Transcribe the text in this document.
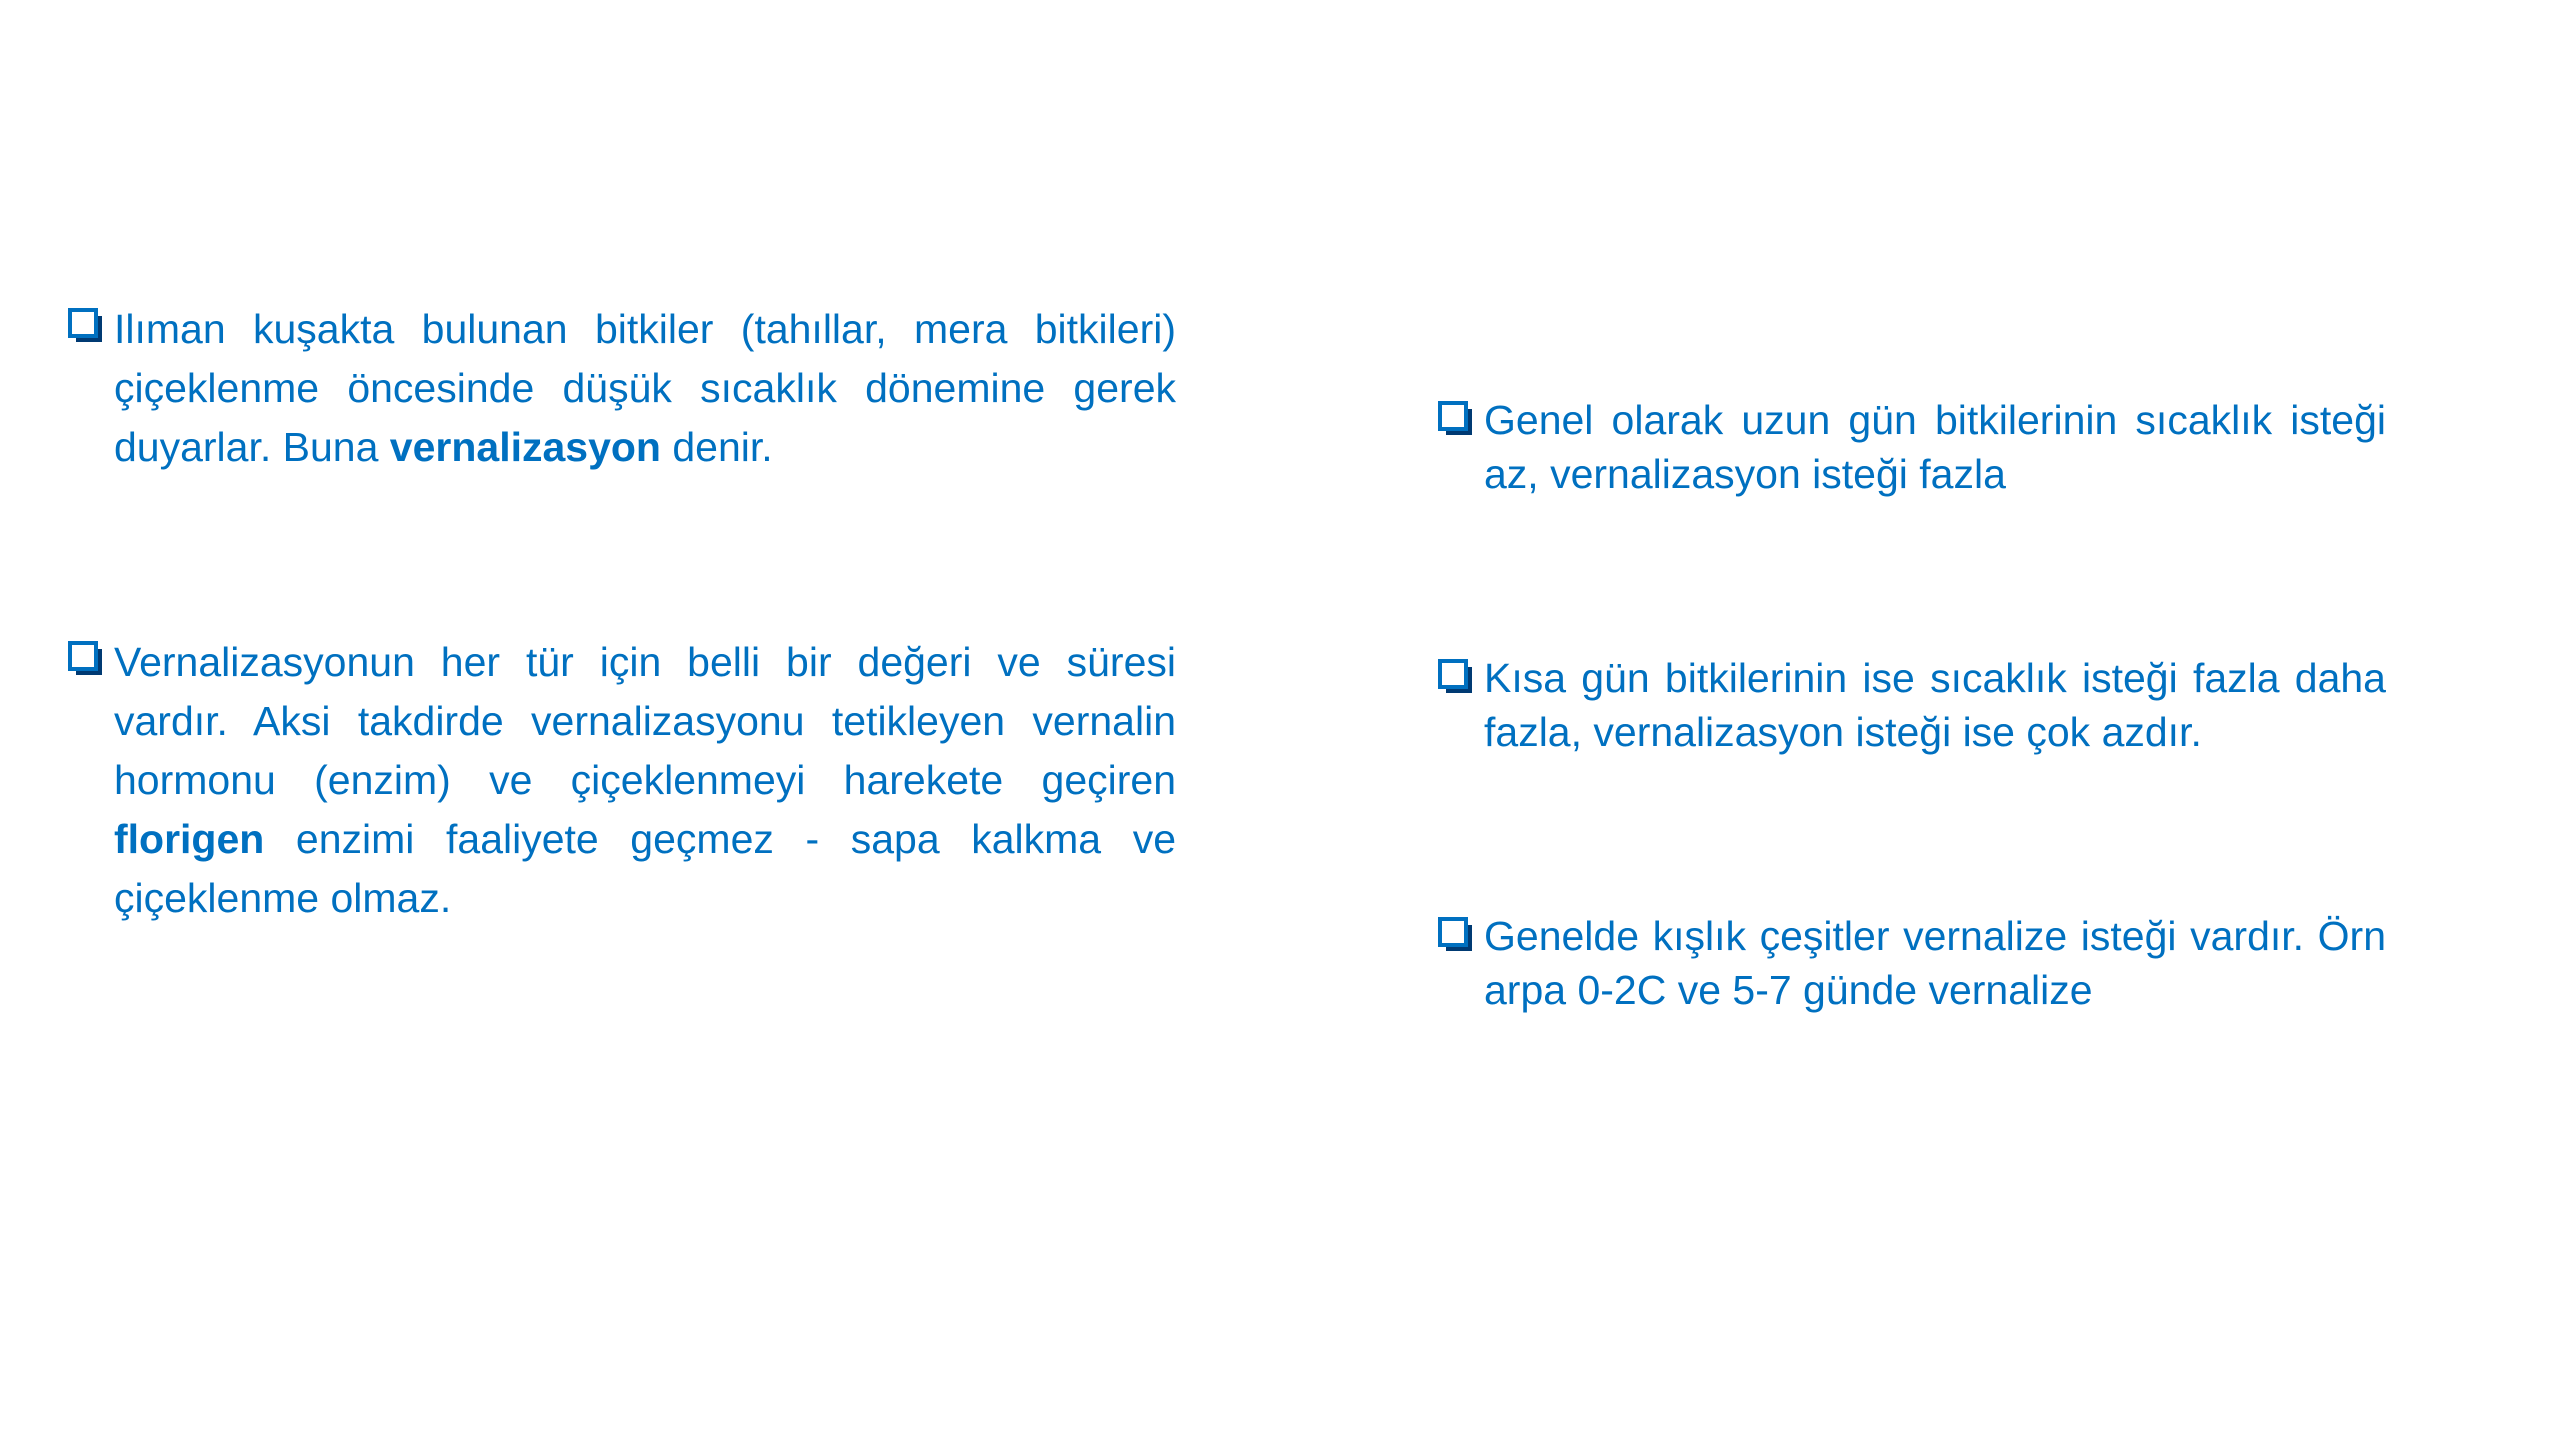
Ilıman kuşakta bulunan bitkiler (tahıllar, mera bitkileri) çiçeklenme öncesinde düşük sıcaklık dönemine gerek duyarlar. Buna vernalizasyon denir.

Vernalizasyonun her tür için belli bir değeri ve süresi vardır. Aksi takdirde vernalizasyonu tetikleyen vernalin hormonu (enzim) ve çiçeklenmeyi harekete geçiren florigen enzimi faaliyete geçmez - sapa kalkma ve çiçeklenme olmaz.

Genel olarak uzun gün bitkilerinin sıcaklık isteği az, vernalizasyon isteği fazla

Kısa gün bitkilerinin ise sıcaklık isteği fazla daha fazla, vernalizasyon isteği ise çok azdır.

Genelde kışlık çeşitler vernalize isteği vardır. Örn arpa 0-2C ve 5-7 günde vernalize
